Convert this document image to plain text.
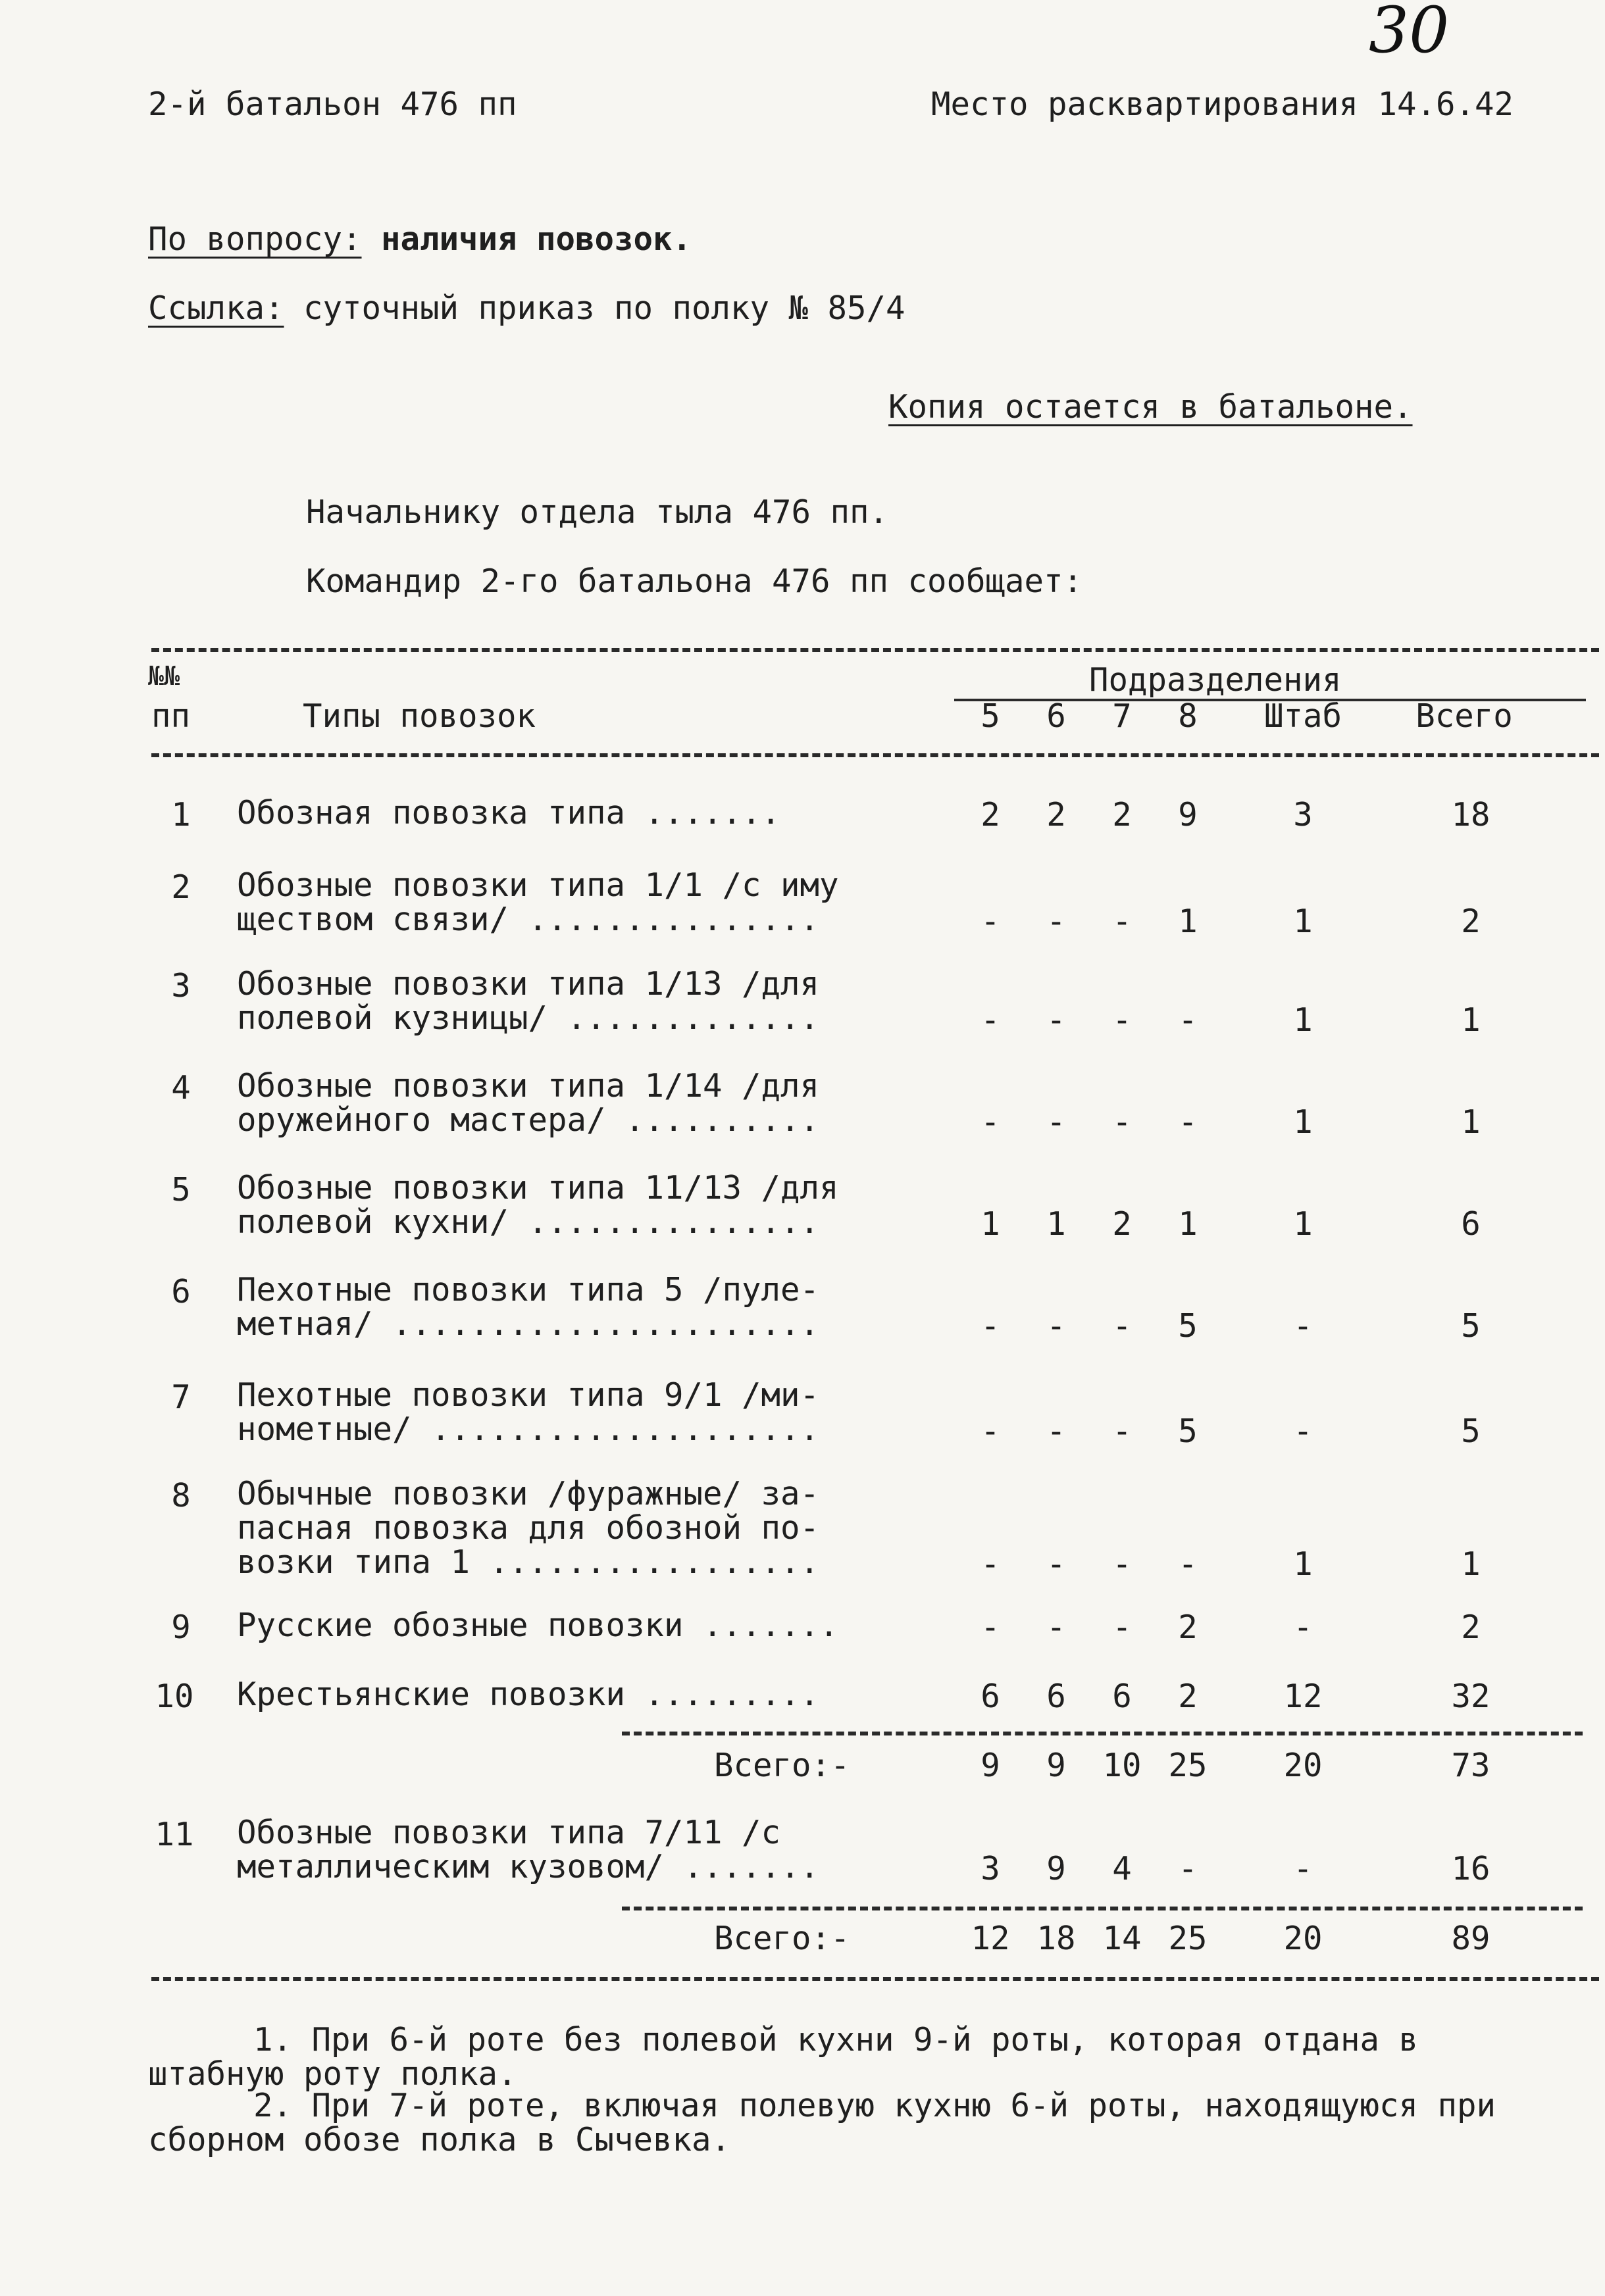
30
2-й батальон 476 пп	Место расквартирования 14.6.42
По вопросу: наличия повозок.
Ссылка: суточный приказ по полку № 85/4
Копия остается в батальоне.
Начальнику отдела тыла 476 пп.
Командир 2-го батальона 476 пп сообщает:
№№
пп	Типы повозок
Подразделения
5	6	7	8	Штаб	Всего
1	Обозная повозка типа .......	2	2	2	9	3	18
2	Обозные повозки типа 1/1 /с иму
ществом связи/ ...............	-	-	-	1	1	2
3	Обозные повозки типа 1/13 /для
полевой кузницы/ .............	-	-	-	-	1	1
4	Обозные повозки типа 1/14 /для
оружейного мастера/ ..........	-	-	-	-	1	1
5	Обозные повозки типа 11/13 /для
полевой кухни/ ...............	1	1	2	1	1	6
6	Пехотные повозки типа 5 /пуле-
метная/ ......................	-	-	-	5	-	5
7	Пехотные повозки типа 9/1 /ми-
нометные/ ....................	-	-	-	5	-	5
8	Обычные повозки /фуражные/ за-
пасная повозка для обозной по-
возки типа 1 .................	-	-	-	-	1	1
9	Русские обозные повозки .......	-	-	-	2	-	2
10 Крестьянские повозки .........	6	6	6	2	12	32
Всего:-	9	9	10 25	20	73
11 Обозные повозки типа 7/11 /с
металлическим кузовом/ .......	3	9	4	-	-	16
Всего:-	12 18 14 25	20	89
1. При 6-й роте без полевой кухни 9-й роты, которая отдана в штабную роту полка.
2. При 7-й роте, включая полевую кухню 6-й роты, находящуюся при сборном обозе полка в Сычевка.
